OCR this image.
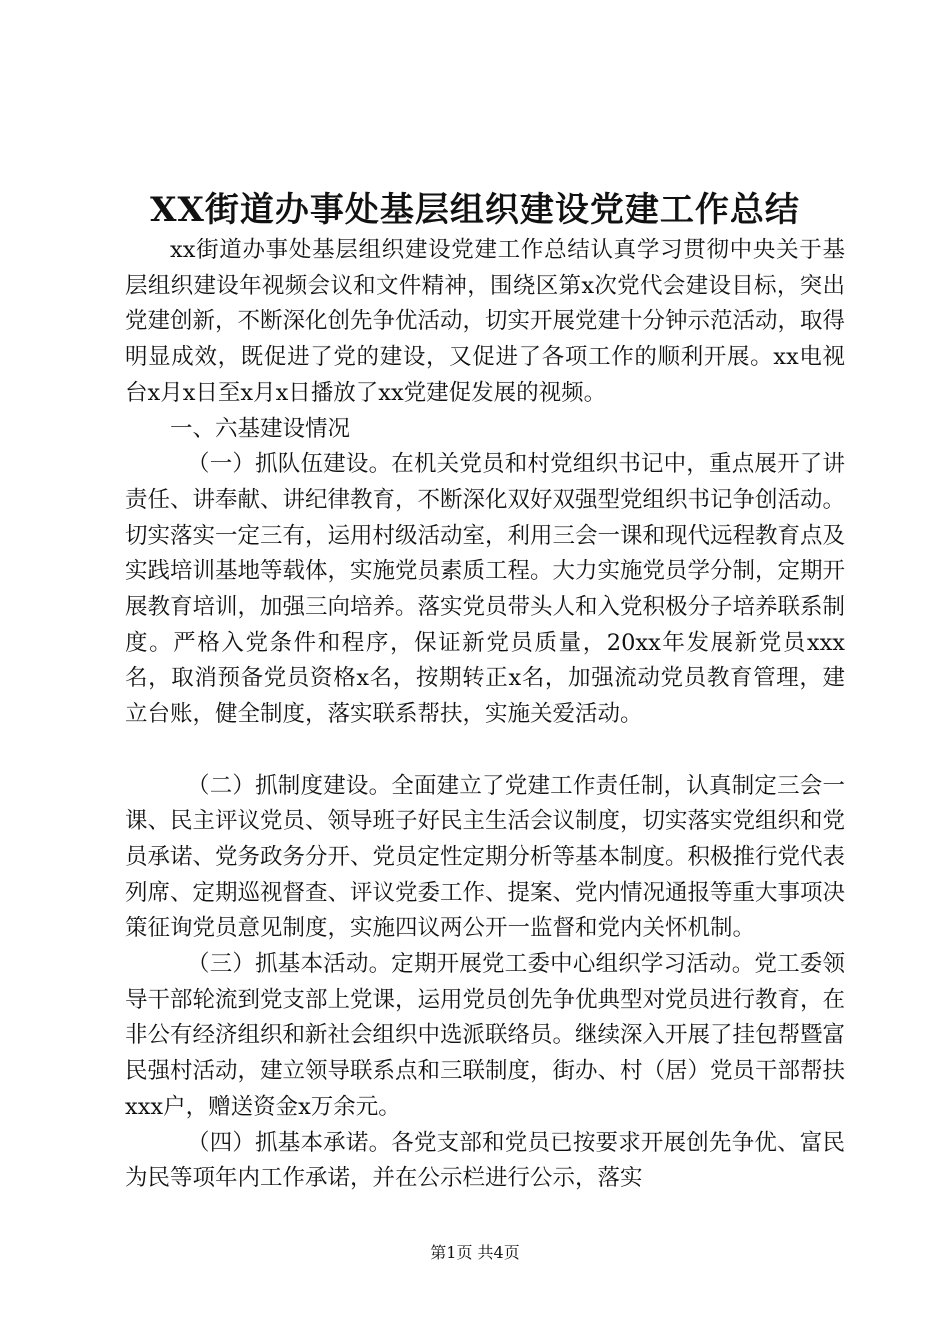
XX街道办事处基层组织建设党建工作总结

xx街道办事处基层组织建设党建工作总结认真学习贯彻中央关于基层组织建设年视频会议和文件精神，围绕区第x次党代会建设目标，突出党建创新，不断深化创先争优活动，切实开展党建十分钟示范活动，取得明显成效，既促进了党的建设，又促进了各项工作的顺利开展。xx电视台x月x日至x月x日播放了xx党建促发展的视频。

一、六基建设情况

（一）抓队伍建设。在机关党员和村党组织书记中，重点展开了讲责任、讲奉献、讲纪律教育，不断深化双好双强型党组织书记争创活动。切实落实一定三有，运用村级活动室，利用三会一课和现代远程教育点及实践培训基地等载体，实施党员素质工程。大力实施党员学分制，定期开展教育培训，加强三向培养。落实党员带头人和入党积极分子培养联系制度。严格入党条件和程序，保证新党员质量，20xx年发展新党员xxx名，取消预备党员资格x名，按期转正x名，加强流动党员教育管理，建立台账，健全制度，落实联系帮扶，实施关爱活动。

（二）抓制度建设。全面建立了党建工作责任制，认真制定三会一课、民主评议党员、领导班子好民主生活会议制度，切实落实党组织和党员承诺、党务政务分开、党员定性定期分析等基本制度。积极推行党代表列席、定期巡视督查、评议党委工作、提案、党内情况通报等重大事项决策征询党员意见制度，实施四议两公开一监督和党内关怀机制。

（三）抓基本活动。定期开展党工委中心组织学习活动。党工委领导干部轮流到党支部上党课，运用党员创先争优典型对党员进行教育，在非公有经济组织和新社会组织中选派联络员。继续深入开展了挂包帮暨富民强村活动，建立领导联系点和三联制度，街办、村（居）党员干部帮扶xxx户，赠送资金x万余元。

（四）抓基本承诺。各党支部和党员已按要求开展创先争优、富民为民等项年内工作承诺，并在公示栏进行公示，落实

第1页 共4页
